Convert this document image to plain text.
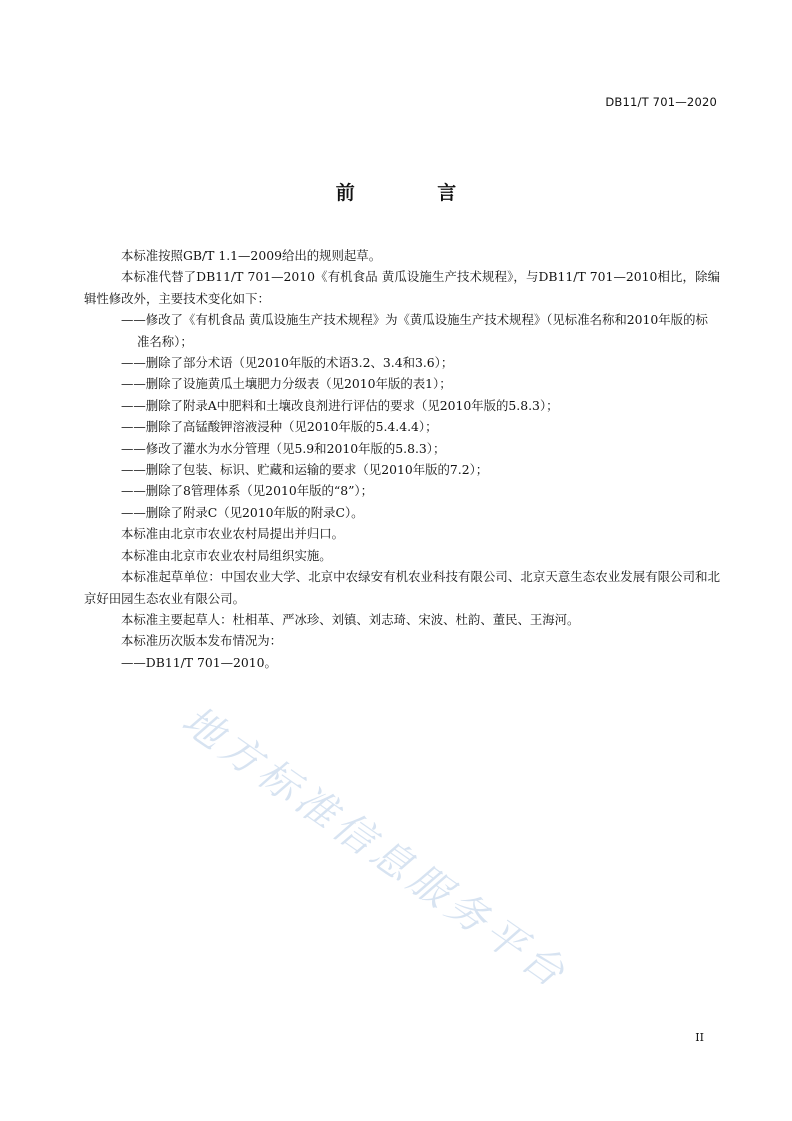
DB11/T 701—2020
前 言

本标准按照GB/T 1.1—2009给出的规则起草。

本标准代替了DB11/T 701—2010《有机食品 黄瓜设施生产技术规程》，与DB11/T 701—2010相比，除编辑性修改外，主要技术变化如下：

——修改了《有机食品 黄瓜设施生产技术规程》为《黄瓜设施生产技术规程》（见标准名称和2010年版的标准名称）；

——删除了部分术语（见2010年版的术语3.2、3.4和3.6）；

——删除了设施黄瓜土壤肥力分级表（见2010年版的表1）；

——删除了附录A中肥料和土壤改良剂进行评估的要求（见2010年版的5.8.3）；

——删除了高锰酸钾溶液浸种（见2010年版的5.4.4.4）；

——修改了灌水为水分管理（见5.9和2010年版的5.8.3）；

——删除了包装、标识、贮藏和运输的要求（见2010年版的7.2）；

——删除了8管理体系（见2010年版的“8”）；

——删除了附录C（见2010年版的附录C）。

本标准由北京市农业农村局提出并归口。

本标准由北京市农业农村局组织实施。

本标准起草单位：中国农业大学、北京中农绿安有机农业科技有限公司、北京天意生态农业发展有限公司和北京好田园生态农业有限公司。

本标准主要起草人：杜相革、严冰珍、刘镇、刘志琦、宋波、杜韵、董民、王海河。

本标准历次版本发布情况为：

——DB11/T 701—2010。

地方标准信息服务平台
II
